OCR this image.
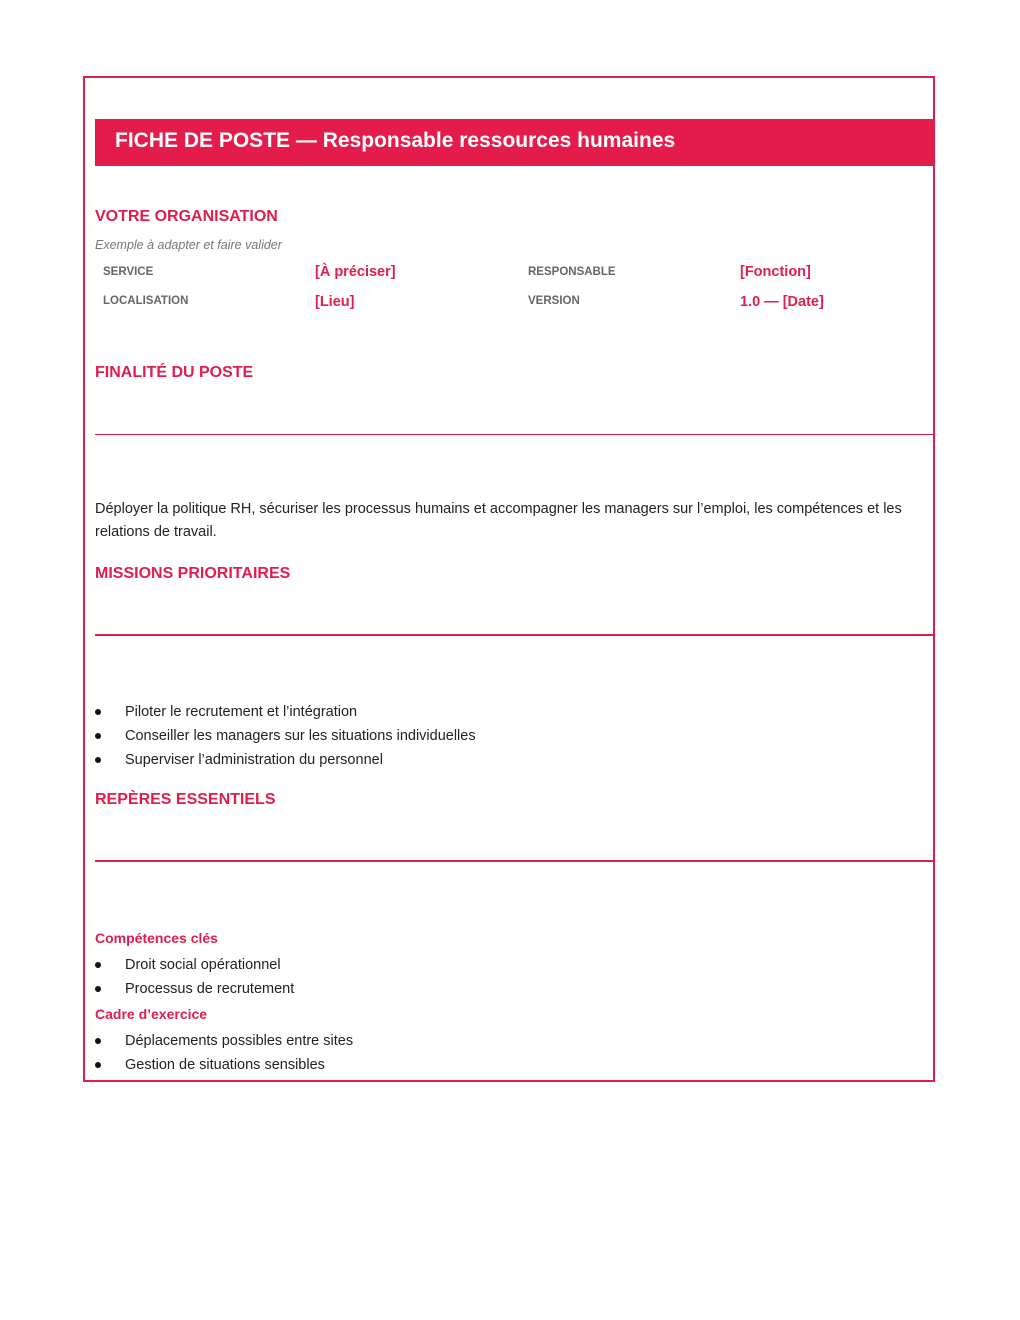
FICHE DE POSTE — Responsable ressources humaines
VOTRE ORGANISATION
Exemple à adapter et faire valider
SERVICE	[À préciser]	RESPONSABLE	[Fonction]
LOCALISATION	[Lieu]	VERSION	1.0 — [Date]
FINALITÉ DU POSTE
Déployer la politique RH, sécuriser les processus humains et accompagner les managers sur l’emploi, les compétences et les relations de travail.
MISSIONS PRIORITAIRES
Piloter le recrutement et l’intégration
Conseiller les managers sur les situations individuelles
Superviser l’administration du personnel
REPÈRES ESSENTIELS
Compétences clés
Droit social opérationnel
Processus de recrutement
Cadre d’exercice
Déplacements possibles entre sites
Gestion de situations sensibles
